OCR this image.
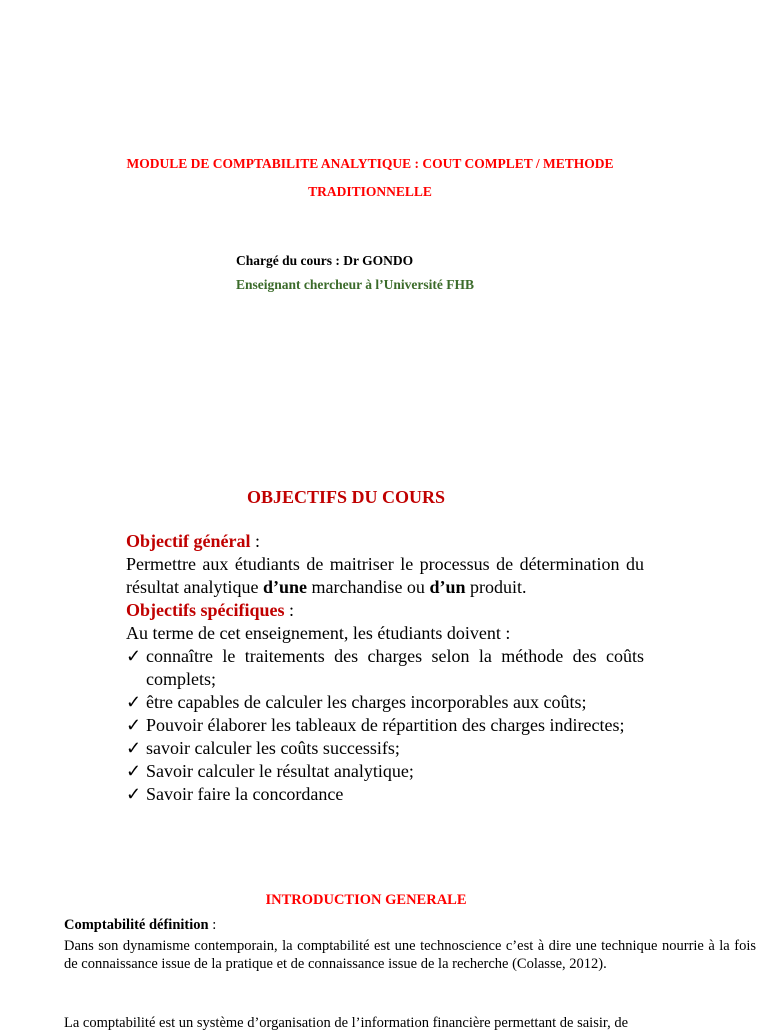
MODULE DE COMPTABILITE ANALYTIQUE : COUT COMPLET / METHODE
TRADITIONNELLE
Chargé du cours : Dr GONDO
Enseignant chercheur à l’Université FHB
OBJECTIFS DU COURS
Objectif général :
Permettre aux étudiants de maitriser le processus de détermination du résultat analytique d’une marchandise ou d’un produit.
Objectifs spécifiques :
Au terme de cet enseignement, les étudiants doivent :
✓ connaître le traitements des charges selon la méthode des coûts complets;
✓ être capables de calculer les charges incorporables aux coûts;
✓ Pouvoir élaborer les tableaux de répartition des charges indirectes;
✓ savoir calculer les coûts successifs;
✓ Savoir calculer le résultat analytique;
✓ Savoir faire la concordance
INTRODUCTION GENERALE
Comptabilité définition :

Dans son dynamisme contemporain, la comptabilité est une technoscience c’est à dire une technique nourrie à la fois de connaissance issue de la pratique et de connaissance issue de la recherche (Colasse, 2012).

La comptabilité est un système d’organisation de l’information financière permettant de saisir, de
